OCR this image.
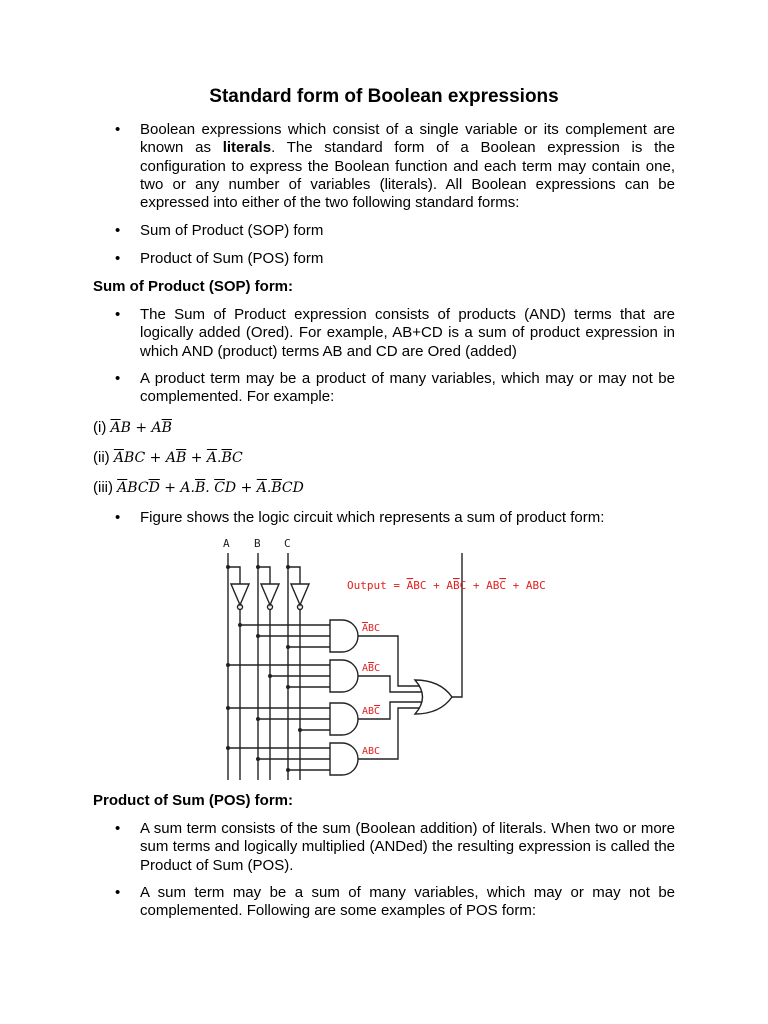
Standard form of Boolean expressions
• Boolean expressions which consist of a single variable or its complement are known as literals. The standard form of a Boolean expression is the configuration to express the Boolean function and each term may contain one, two or any number of variables (literals). All Boolean expressions can be expressed into either of the two following standard forms:
• Sum of Product (SOP) form
• Product of Sum (POS) form
Sum of Product (SOP) form:
• The Sum of Product expression consists of products (AND) terms that are logically added (Ored). For example, AB+CD is a sum of product expression in which AND (product) terms AB and CD are Ored (added)
• A product term may be a product of many variables, which may or may not be complemented. For example:
(i) $\overline{A}B + A\overline{B}$
(ii) $\overline{A}BC + A\overline{B} + \overline{A}.\overline{B}C$
(iii) $\overline{A}BC\overline{D} + A.\overline{B}$. $\overline{C}D + \overline{A}.\overline{B}CD$
• Figure shows the logic circuit which represents a sum of product form:
A B C
Output = ABC + ABC + ABC + ABC
ABC
ABC
ABC
ABC
Product of Sum (POS) form:
• A sum term consists of the sum (Boolean addition) of literals. When two or more sum terms and logically multiplied (ANDed) the resulting expression is called the Product of Sum (POS).
• A sum term may be a sum of many variables, which may or may not be complemented. Following are some examples of POS form:
